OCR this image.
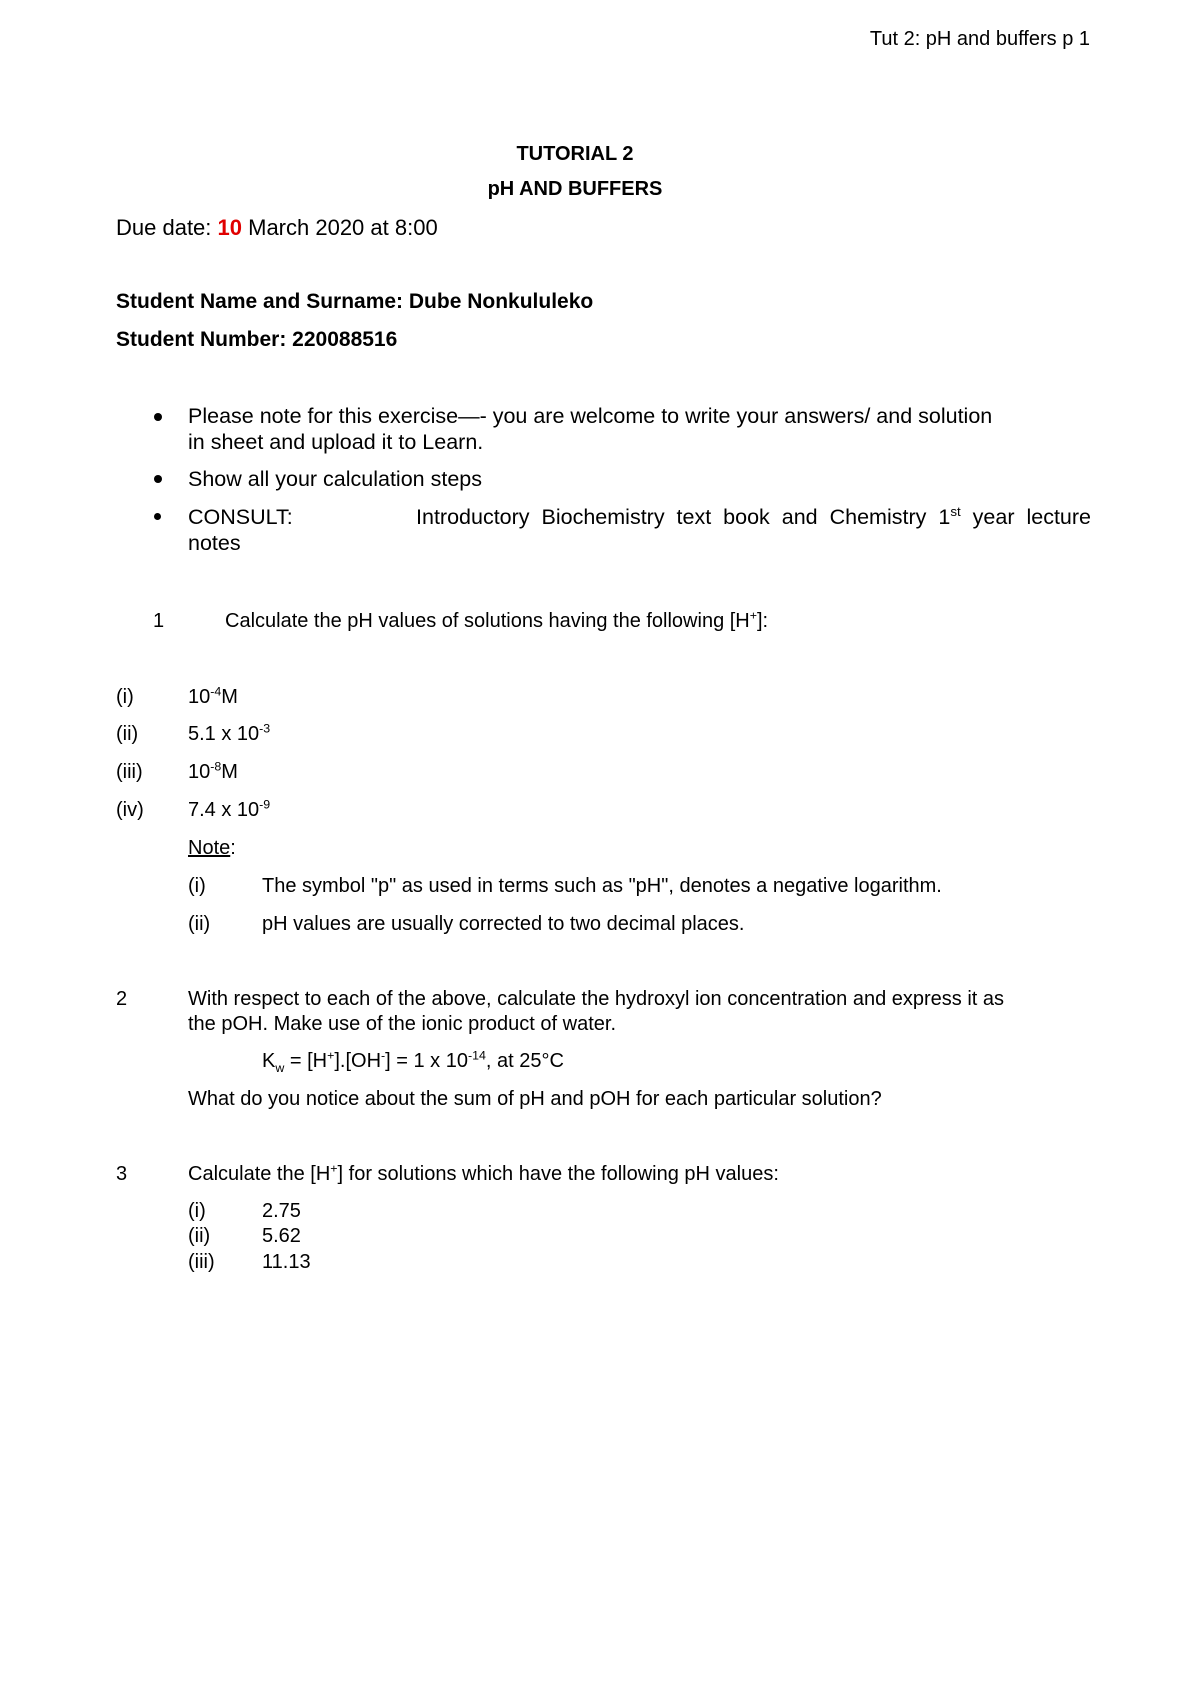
Tut 2: pH and buffers p 1
TUTORIAL 2
pH AND BUFFERS
Due date: 10 March 2020 at 8:00
Student Name and Surname: Dube Nonkululeko
Student Number: 220088516
Please note for this exercise—- you are welcome to write your answers/ and solution
in sheet and upload it to Learn.
Show all your calculation steps
CONSULT:	Introductory Biochemistry text book and Chemistry 1st year lecture
notes
1	Calculate the pH values of solutions having the following [H+]:
(i)	$10^{-4}M$
(ii) 5.1 x $10^{-3}$
(iii) $10^{-8}M$
(iv) 7.4 x $10^{-9}$
Note:
(i)	The symbol "p" as used in terms such as "pH", denotes a negative logarithm.
(ii)	pH values are usually corrected to two decimal places.
2	With respect to each of the above, calculate the hydroxyl ion concentration and express it as
the pOH. Make use of the ionic product of water.
$K_w = [H^+].[OH^-] = 1$ x $10^{-14}$, at 25°C
What do you notice about the sum of pH and pOH for each particular solution?
3	Calculate the [H+] for solutions which have the following pH values:
(i)	2.75
(ii)	5.62
(iii) 11.13
